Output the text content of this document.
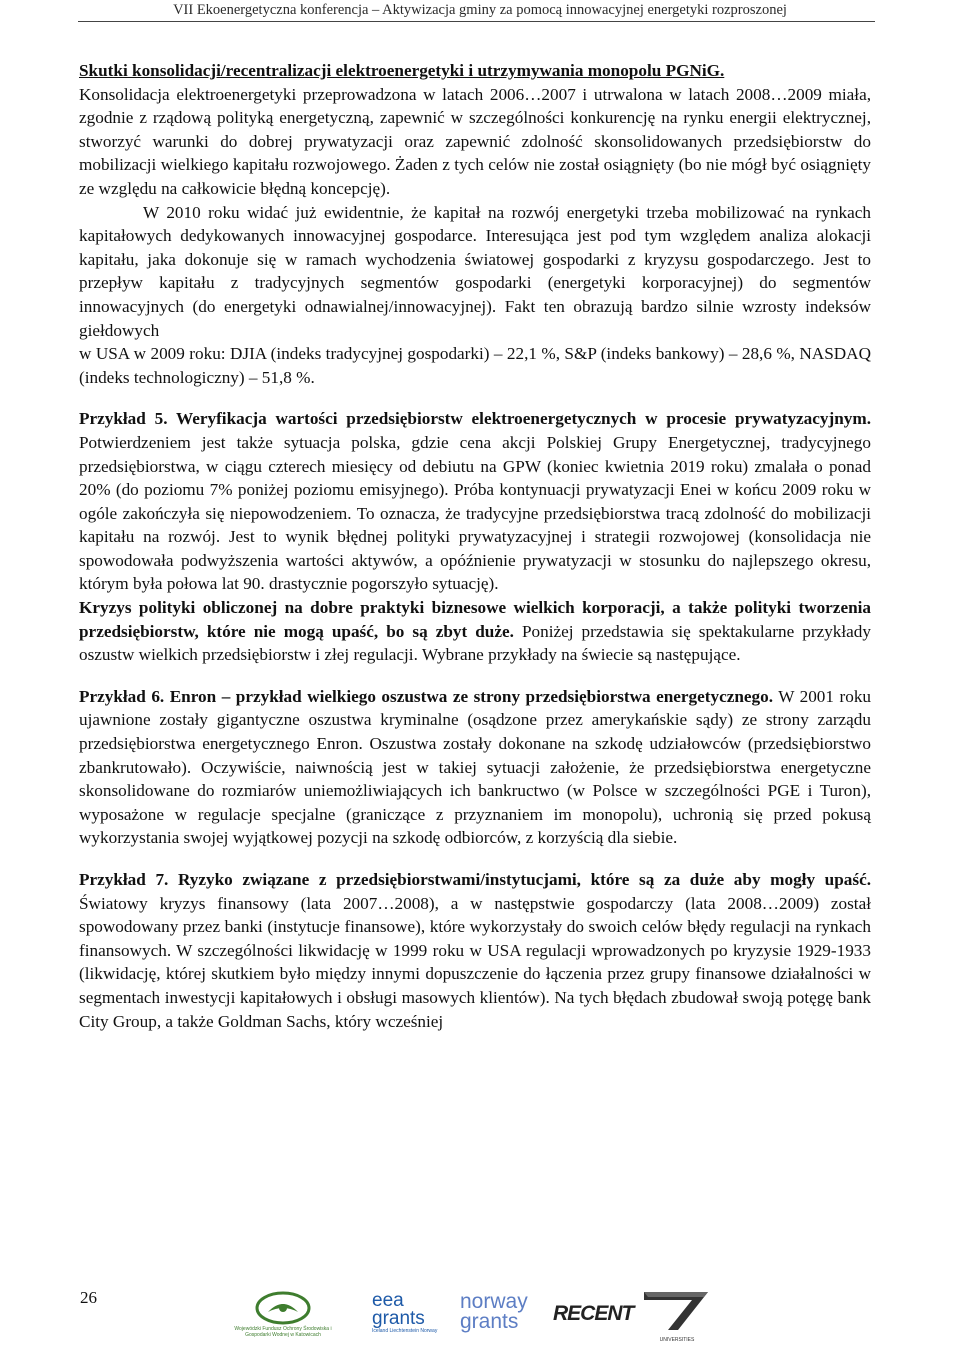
VII Ekoenergetyczna konferencja – Aktywizacja gminy za pomocą innowacyjnej energetyki rozproszonej

Skutki konsolidacji/recentralizacji elektroenergetyki i utrzymywania monopolu PGNiG.

Konsolidacja elektroenergetyki przeprowadzona w latach 2006…2007 i utrwalona w latach 2008…2009 miała, zgodnie z rządową polityką energetyczną, zapewnić w szczególności konkurencję na rynku energii elektrycznej, stworzyć warunki do dobrej prywatyzacji oraz zapewnić zdolność skonsolidowanych przedsiębiorstw do mobilizacji wielkiego kapitału rozwojowego. Żaden z tych celów nie został osiągnięty (bo nie mógł być osiągnięty ze względu na całkowicie błędną koncepcję).

W 2010 roku widać już ewidentnie, że kapitał na rozwój energetyki trzeba mobilizować na rynkach kapitałowych dedykowanych innowacyjnej gospodarce. Interesująca jest pod tym względem analiza alokacji kapitału, jaka dokonuje się w ramach wychodzenia światowej gospodarki z kryzysu gospodarczego. Jest to przepływ kapitału z tradycyjnych segmentów gospodarki (energetyki korporacyjnej) do segmentów innowacyjnych (do energetyki odnawialnej/innowacyjnej). Fakt ten obrazują bardzo silnie wzrosty indeksów giełdowych

w USA w 2009 roku: DJIA (indeks tradycyjnej gospodarki) – 22,1 %, S&P (indeks bankowy) – 28,6 %, NASDAQ (indeks technologiczny) – 51,8 %.

Przykład 5. Weryfikacja wartości przedsiębiorstw elektroenergetycznych w procesie prywatyzacyjnym. Potwierdzeniem jest także sytuacja polska, gdzie cena akcji Polskiej Grupy Energetycznej, tradycyjnego przedsiębiorstwa, w ciągu czterech miesięcy od debiutu na GPW (koniec kwietnia 2019 roku) zmalała o ponad 20% (do poziomu 7% poniżej poziomu emisyjnego). Próba kontynuacji prywatyzacji Enei w końcu 2009 roku w ogóle zakończyła się niepowodzeniem. To oznacza, że tradycyjne przedsiębiorstwa tracą zdolność do mobilizacji kapitału na rozwój. Jest to wynik błędnej polityki prywatyzacyjnej i strategii rozwojowej (konsolidacja nie spowodowała podwyższenia wartości aktywów, a opóźnienie prywatyzacji w stosunku do najlepszego okresu, którym była połowa lat 90. drastycznie pogorszyło sytuację).

Kryzys polityki obliczonej na dobre praktyki biznesowe wielkich korporacji, a także polityki tworzenia przedsiębiorstw, które nie mogą upaść, bo są zbyt duże. Poniżej przedstawia się spektakularne przykłady oszustw wielkich przedsiębiorstw i złej regulacji. Wybrane przykłady na świecie są następujące.

Przykład 6. Enron – przykład wielkiego oszustwa ze strony przedsiębiorstwa energetycznego. W 2001 roku ujawnione zostały gigantyczne oszustwa kryminalne (osądzone przez amerykańskie sądy) ze strony zarządu przedsiębiorstwa energetycznego Enron. Oszustwa zostały dokonane na szkodę udziałowców (przedsiębiorstwo zbankrutowało). Oczywiście, naiwnością jest w takiej sytuacji założenie, że przedsiębiorstwa energetyczne skonsolidowane do rozmiarów uniemożliwiających ich bankructwo (w Polsce w szczególności PGE i Turon), wyposażone w regulacje specjalne (graniczące z przyznaniem im monopolu), uchronią się przed pokusą wykorzystania swojej wyjątkowej pozycji na szkodę odbiorców, z korzyścią dla siebie.

Przykład 7. Ryzyko związane z przedsiębiorstwami/instytucjami, które są za duże aby mogły upaść. Światowy kryzys finansowy (lata 2007…2008), a w następstwie gospodarczy (lata 2008…2009) został spowodowany przez banki (instytucje finansowe), które wykorzystały do swoich celów błędy regulacji na rynkach finansowych. W szczególności likwidację w 1999 roku w USA regulacji wprowadzonych po kryzysie 1929-1933 (likwidację, której skutkiem było między innymi dopuszczenie do łączenia przez grupy finansowe działalności w segmentach inwestycji kapitałowych i obsługi masowych klientów). Na tych błędach zbudował swoją potęgę bank City Group, a także Goldman Sachs, który wcześniej

26
Wojewódzki Fundusz Ochrony Środowiska i Gospodarki Wodnej w Katowicach
eea
grants
Iceland Liechtenstein Norway
norway
grants	RECENT
UNIVERSITIES
